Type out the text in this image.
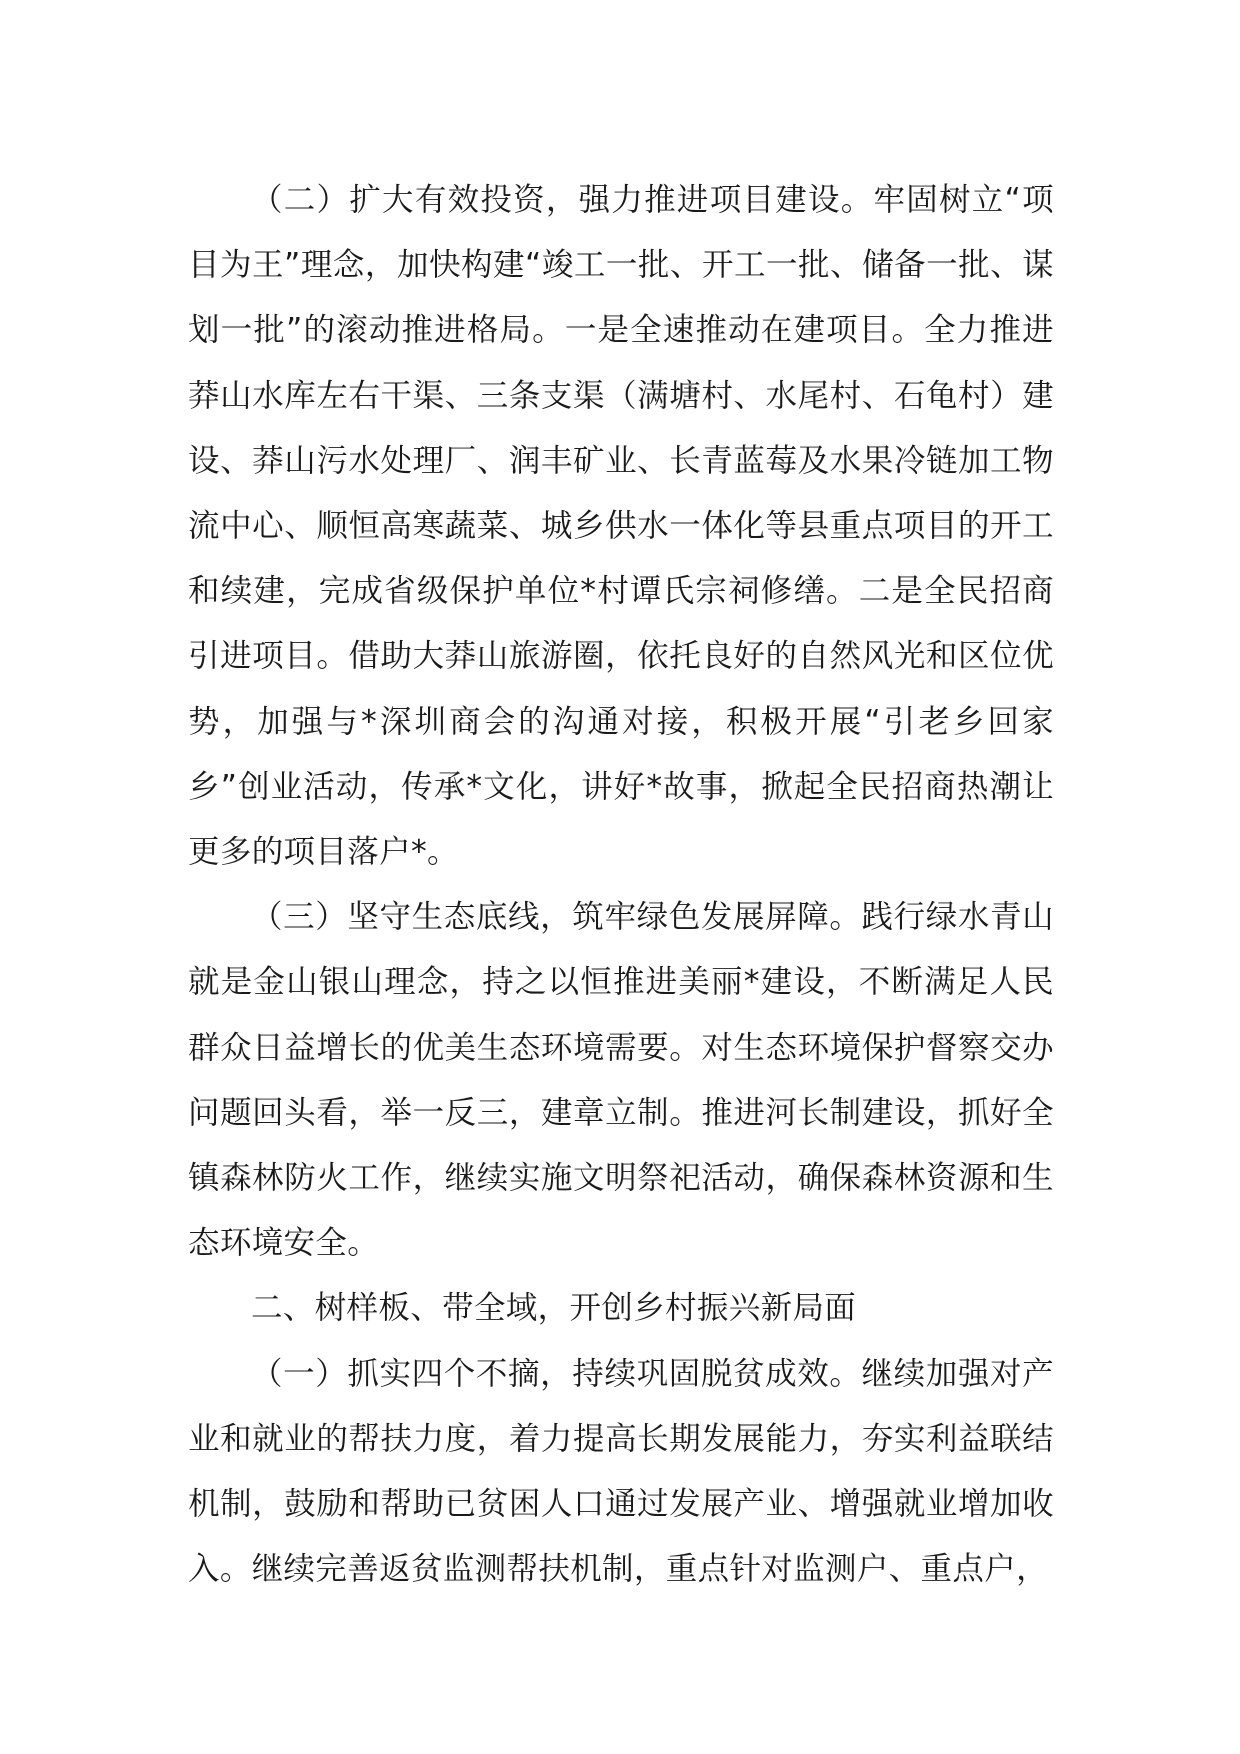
（二）扩大有效投资，强力推进项目建设。牢固树立“项目为王”理念，加快构建“竣工一批、开工一批、储备一批、谋划一批”的滚动推进格局。一是全速推动在建项目。全力推进莽山水库左右干渠、三条支渠（满塘村、水尾村、石龟村）建设、莽山污水处理厂、润丰矿业、长青蓝莓及水果冷链加工物流中心、顺恒高寒蔬菜、城乡供水一体化等县重点项目的开工和续建，完成省级保护单位*村谭氏宗祠修缮。二是全民招商引进项目。借助大莽山旅游圈，依托良好的自然风光和区位优势，加强与*深圳商会的沟通对接，积极开展“引老乡回家乡”创业活动，传承*文化，讲好*故事，掀起全民招商热潮让更多的项目落户*。

（三）坚守生态底线，筑牢绿色发展屏障。践行绿水青山就是金山银山理念，持之以恒推进美丽*建设，不断满足人民群众日益增长的优美生态环境需要。对生态环境保护督察交办问题回头看，举一反三，建章立制。推进河长制建设，抓好全镇森林防火工作，继续实施文明祭祀活动，确保森林资源和生态环境安全。

二、树样板、带全域，开创乡村振兴新局面

（一）抓实四个不摘，持续巩固脱贫成效。继续加强对产业和就业的帮扶力度，着力提高长期发展能力，夯实利益联结机制，鼓励和帮助已贫困人口通过发展产业、增强就业增加收入。继续完善返贫监测帮扶机制，重点针对监测户、重点户，
